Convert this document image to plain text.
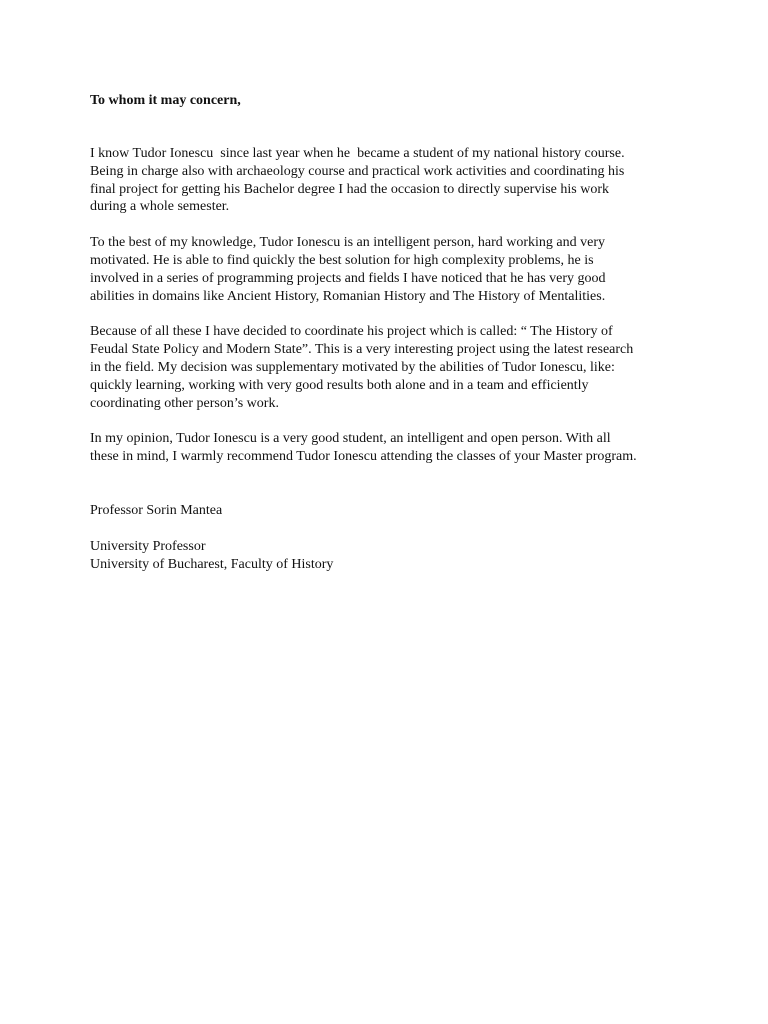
To whom it may concern,

I know Tudor Ionescu  since last year when he  became a student of my national history course.
Being in charge also with archaeology course and practical work activities and coordinating his
final project for getting his Bachelor degree I had the occasion to directly supervise his work
during a whole semester.

To the best of my knowledge, Tudor Ionescu is an intelligent person, hard working and very
motivated. He is able to find quickly the best solution for high complexity problems, he is
involved in a series of programming projects and fields I have noticed that he has very good
abilities in domains like Ancient History, Romanian History and The History of Mentalities.

Because of all these I have decided to coordinate his project which is called: “ The History of
Feudal State Policy and Modern State”. This is a very interesting project using the latest research
in the field. My decision was supplementary motivated by the abilities of Tudor Ionescu, like:
quickly learning, working with very good results both alone and in a team and efficiently
coordinating other person’s work.

In my opinion, Tudor Ionescu is a very good student, an intelligent and open person. With all
these in mind, I warmly recommend Tudor Ionescu attending the classes of your Master program.

Professor Sorin Mantea
University Professor
University of Bucharest, Faculty of History
